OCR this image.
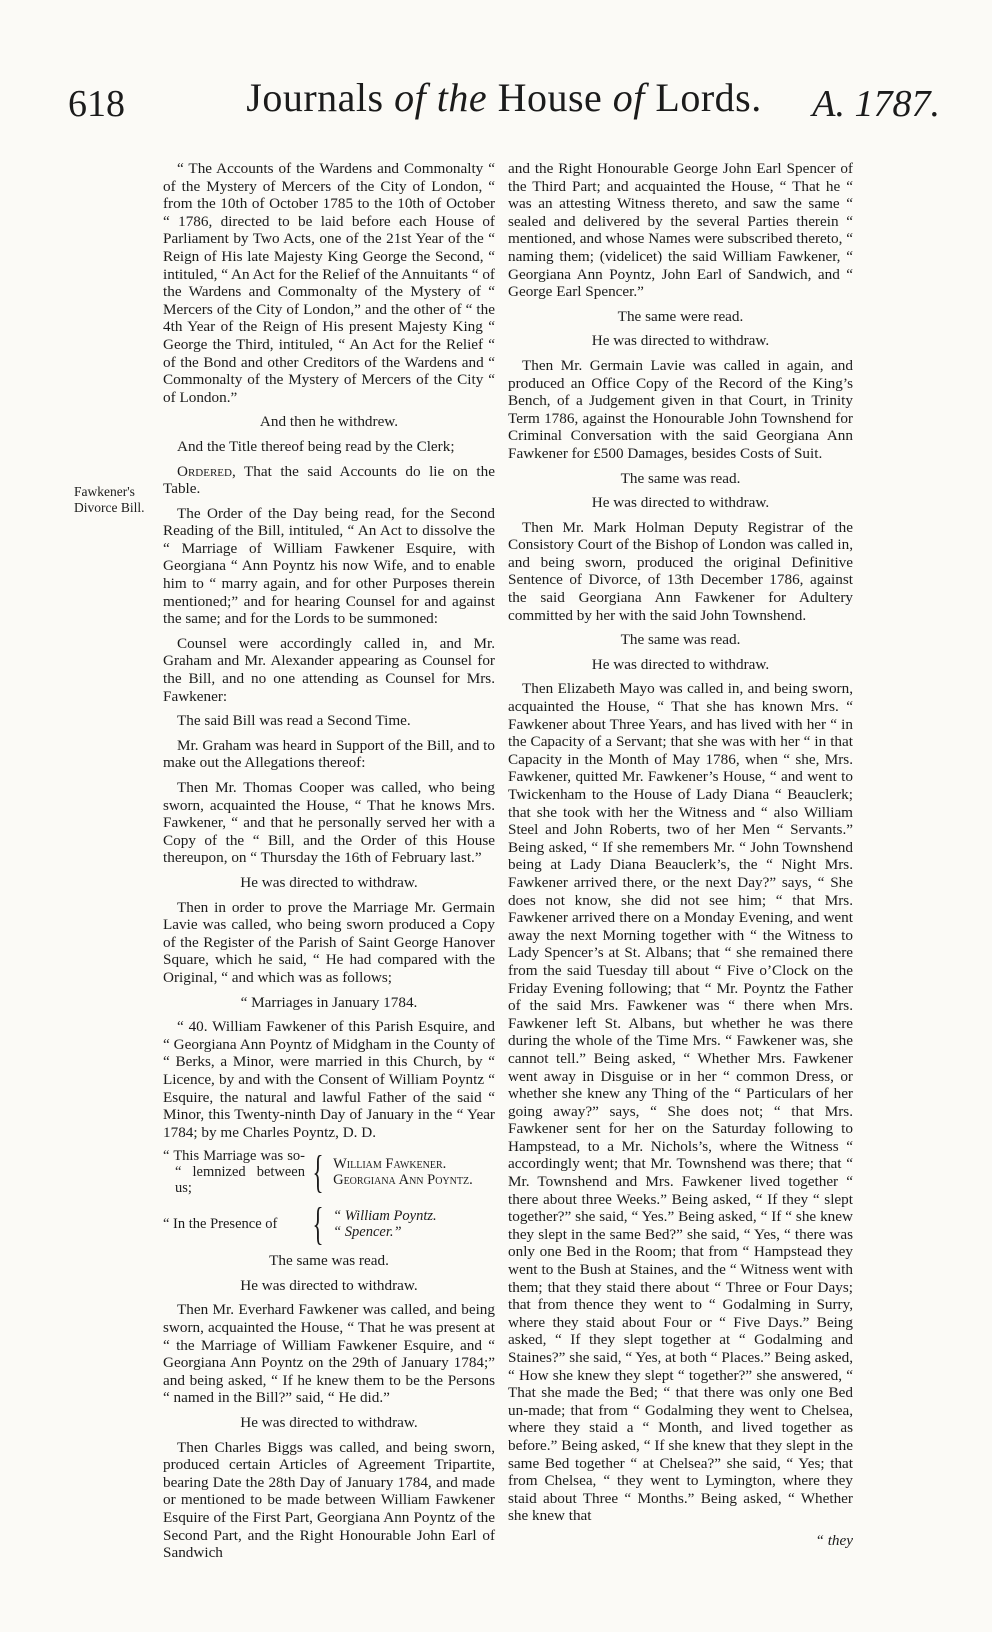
618	Journals of the House of Lords.	A. 1787.
Fawkener's Divorce Bill.

“ The Accounts of the Wardens and Commonalty “ of the Mystery of Mercers of the City of London, “ from the 10th of October 1785 to the 10th of October “ 1786, directed to be laid before each House of Parliament by Two Acts, one of the 21st Year of the “ Reign of His late Majesty King George the Second, “ intituled, “ An Act for the Relief of the Annuitants “ of the Wardens and Commonalty of the Mystery of “ Mercers of the City of London,” and the other of “ the 4th Year of the Reign of His present Majesty King “ George the Third, intituled, “ An Act for the Relief “ of the Bond and other Creditors of the Wardens and “ Commonalty of the Mystery of Mercers of the City “ of London.”

And then he withdrew.

And the Title thereof being read by the Clerk;

Ordered, That the said Accounts do lie on the Table.

The Order of the Day being read, for the Second Reading of the Bill, intituled, “ An Act to dissolve the “ Marriage of William Fawkener Esquire, with Georgiana “ Ann Poyntz his now Wife, and to enable him to “ marry again, and for other Purposes therein mentioned;” and for hearing Counsel for and against the same; and for the Lords to be summoned:

Counsel were accordingly called in, and Mr. Graham and Mr. Alexander appearing as Counsel for the Bill, and no one attending as Counsel for Mrs. Fawkener:

The said Bill was read a Second Time.

Mr. Graham was heard in Support of the Bill, and to make out the Allegations thereof:

Then Mr. Thomas Cooper was called, who being sworn, acquainted the House, “ That he knows Mrs. Fawkener, “ and that he personally served her with a Copy of the “ Bill, and the Order of this House thereupon, on “ Thursday the 16th of February last.”

He was directed to withdraw.

Then in order to prove the Marriage Mr. Germain Lavie was called, who being sworn produced a Copy of the Register of the Parish of Saint George Hanover Square, which he said, “ He had compared with the Original, “ and which was as follows;

“ Marriages in January 1784.

“ 40. William Fawkener of this Parish Esquire, and “ Georgiana Ann Poyntz of Midgham in the County of “ Berks, a Minor, were married in this Church, by “ Licence, by and with the Consent of William Poyntz “ Esquire, the natural and lawful Father of the said “ Minor, this Twenty-ninth Day of January in the “ Year 1784; by me Charles Poyntz, D. D.

“ This Marriage was so- “ lemnized between us;	{ William Fawkener.
Georgiana Ann Poyntz.
“ In the Presence of { “ William Poyntz.
“ Spencer.”

The same was read.

He was directed to withdraw.

Then Mr. Everhard Fawkener was called, and being sworn, acquainted the House, “ That he was present at “ the Marriage of William Fawkener Esquire, and “ Georgiana Ann Poyntz on the 29th of January 1784;” and being asked, “ If he knew them to be the Persons “ named in the Bill?” said, “ He did.”

He was directed to withdraw.

Then Charles Biggs was called, and being sworn, produced certain Articles of Agreement Tripartite, bearing Date the 28th Day of January 1784, and made or mentioned to be made between William Fawkener Esquire of the First Part, Georgiana Ann Poyntz of the Second Part, and the Right Honourable John Earl of Sandwich

and the Right Honourable George John Earl Spencer of the Third Part; and acquainted the House, “ That he “ was an attesting Witness thereto, and saw the same “ sealed and delivered by the several Parties therein “ mentioned, and whose Names were subscribed thereto, “ naming them; (videlicet) the said William Fawkener, “ Georgiana Ann Poyntz, John Earl of Sandwich, and “ George Earl Spencer.”

The same were read.

He was directed to withdraw.

Then Mr. Germain Lavie was called in again, and produced an Office Copy of the Record of the King’s Bench, of a Judgement given in that Court, in Trinity Term 1786, against the Honourable John Townshend for Criminal Conversation with the said Georgiana Ann Fawkener for £500 Damages, besides Costs of Suit.

The same was read.

He was directed to withdraw.

Then Mr. Mark Holman Deputy Registrar of the Consistory Court of the Bishop of London was called in, and being sworn, produced the original Definitive Sentence of Divorce, of 13th December 1786, against the said Georgiana Ann Fawkener for Adultery committed by her with the said John Townshend.

The same was read.

He was directed to withdraw.

Then Elizabeth Mayo was called in, and being sworn, acquainted the House, “ That she has known Mrs. “ Fawkener about Three Years, and has lived with her “ in the Capacity of a Servant; that she was with her “ in that Capacity in the Month of May 1786, when “ she, Mrs. Fawkener, quitted Mr. Fawkener’s House, “ and went to Twickenham to the House of Lady Diana “ Beauclerk; that she took with her the Witness and “ also William Steel and John Roberts, two of her Men “ Servants.” Being asked, “ If she remembers Mr. “ John Townshend being at Lady Diana Beauclerk’s, the “ Night Mrs. Fawkener arrived there, or the next Day?” says, “ She does not know, she did not see him; “ that Mrs. Fawkener arrived there on a Monday Evening, and went away the next Morning together with “ the Witness to Lady Spencer’s at St. Albans; that “ she remained there from the said Tuesday till about “ Five o’Clock on the Friday Evening following; that “ Mr. Poyntz the Father of the said Mrs. Fawkener was “ there when Mrs. Fawkener left St. Albans, but whether he was there during the whole of the Time Mrs. “ Fawkener was, she cannot tell.” Being asked, “ Whether Mrs. Fawkener went away in Disguise or in her “ common Dress, or whether she knew any Thing of the “ Particulars of her going away?” says, “ She does not; “ that Mrs. Fawkener sent for her on the Saturday following to Hampstead, to a Mr. Nichols’s, where the Witness “ accordingly went; that Mr. Townshend was there; that “ Mr. Townshend and Mrs. Fawkener lived together “ there about three Weeks.” Being asked, “ If they “ slept together?” she said, “ Yes.” Being asked, “ If “ she knew they slept in the same Bed?” she said, “ Yes, “ there was only one Bed in the Room; that from “ Hampstead they went to the Bush at Staines, and the “ Witness went with them; that they staid there about “ Three or Four Days; that from thence they went to “ Godalming in Surry, where they staid about Four or “ Five Days.” Being asked, “ If they slept together at “ Godalming and Staines?” she said, “ Yes, at both “ Places.” Being asked, “ How she knew they slept “ together?” she answered, “ That she made the Bed; “ that there was only one Bed un-made; that from “ Godalming they went to Chelsea, where they staid a “ Month, and lived together as before.” Being asked, “ If she knew that they slept in the same Bed together “ at Chelsea?” she said, “ Yes; that from Chelsea, “ they went to Lymington, where they staid about Three “ Months.” Being asked, “ Whether she knew that

“ they
